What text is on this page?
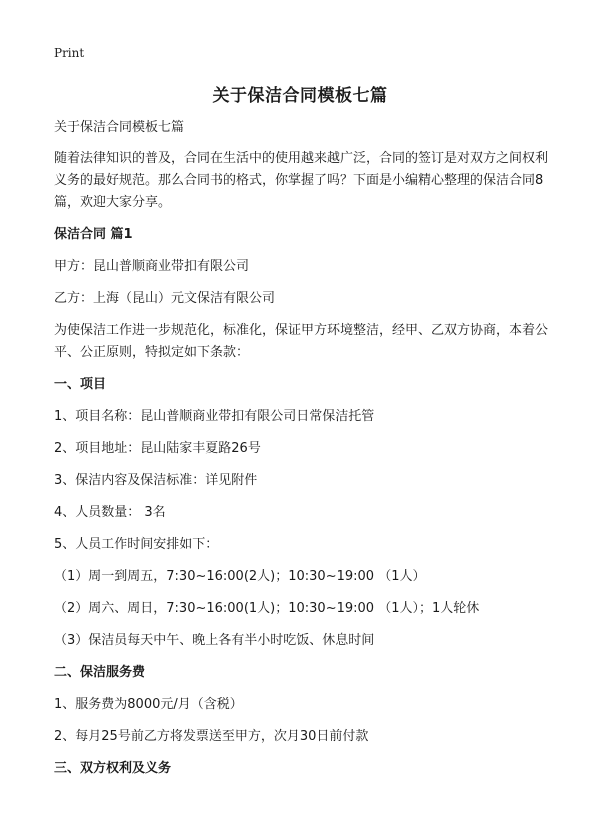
Print
关于保洁合同模板七篇

关于保洁合同模板七篇

随着法律知识的普及，合同在生活中的使用越来越广泛，合同的签订是对双方之间权利义务的最好规范。那么合同书的格式，你掌握了吗？下面是小编精心整理的保洁合同8篇，欢迎大家分享。

保洁合同 篇1

甲方：昆山普顺商业带扣有限公司

乙方：上海（昆山）元文保洁有限公司

为使保洁工作进一步规范化，标准化，保证甲方环境整洁，经甲、乙双方协商，本着公平、公正原则，特拟定如下条款：

一、项目

1、项目名称：昆山普顺商业带扣有限公司日常保洁托管

2、项目地址：昆山陆家丰夏路26号

3、保洁内容及保洁标准：详见附件

4、人员数量： 3名

5、人员工作时间安排如下：

（1）周一到周五，7:30~16:00(2人)；10:30~19:00 （1人）

（2）周六、周日，7:30~16:00(1人)；10:30~19:00 （1人）；1人轮休

（3）保洁员每天中午、晚上各有半小时吃饭、休息时间

二、保洁服务费

1、服务费为8000元/月（含税）

2、每月25号前乙方将发票送至甲方，次月30日前付款

三、双方权利及义务
